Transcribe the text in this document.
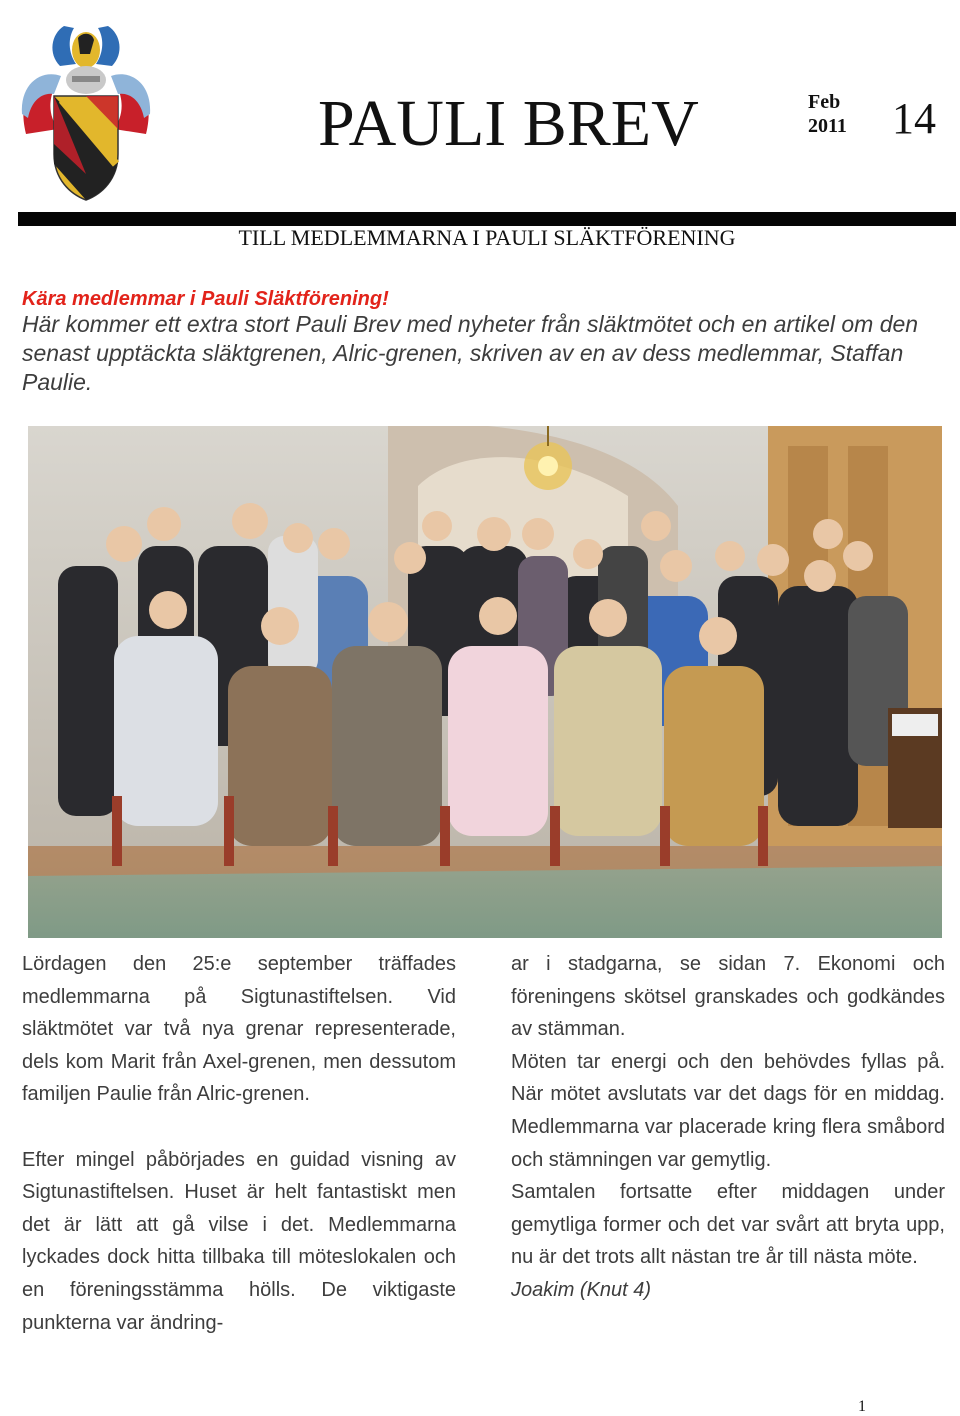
PAULI BREV	Feb
2011 14
TILL MEDLEMMARNA I PAULI SLÄKTFÖRENING
Kära medlemmar i Pauli Släktförening!

Här kommer ett extra stort Pauli Brev med nyheter från släktmötet och en artikel om den senast upptäckta släktgrenen, Alric-grenen, skriven av en av dess medlemmar, Staffan Paulie.

Lördagen den 25:e september träffades medlemmarna på Sigtunastiftelsen. Vid släktmötet var två nya grenar representerade, dels kom Marit från Axel-grenen, men dessutom familjen Paulie från Alric-grenen.

Efter mingel påbörjades en guidad visning av Sigtunastiftelsen. Huset är helt fantastiskt men det är lätt att gå vilse i det. Medlemmarna lyckades dock hitta tillbaka till möteslokalen och en föreningsstämma hölls. De viktigaste punkterna var ändring-

ar i stadgarna, se sidan 7. Ekonomi och föreningens skötsel granskades och godkändes av stämman.

Möten tar energi och den behövdes fyllas på. När mötet avslutats var det dags för en middag. Medlemmarna var placerade kring flera småbord och stämningen var gemytlig.

Samtalen fortsatte efter middagen under gemytliga former och det var svårt att bryta upp, nu är det trots allt nästan tre år till nästa möte.

Joakim (Knut 4)

1
